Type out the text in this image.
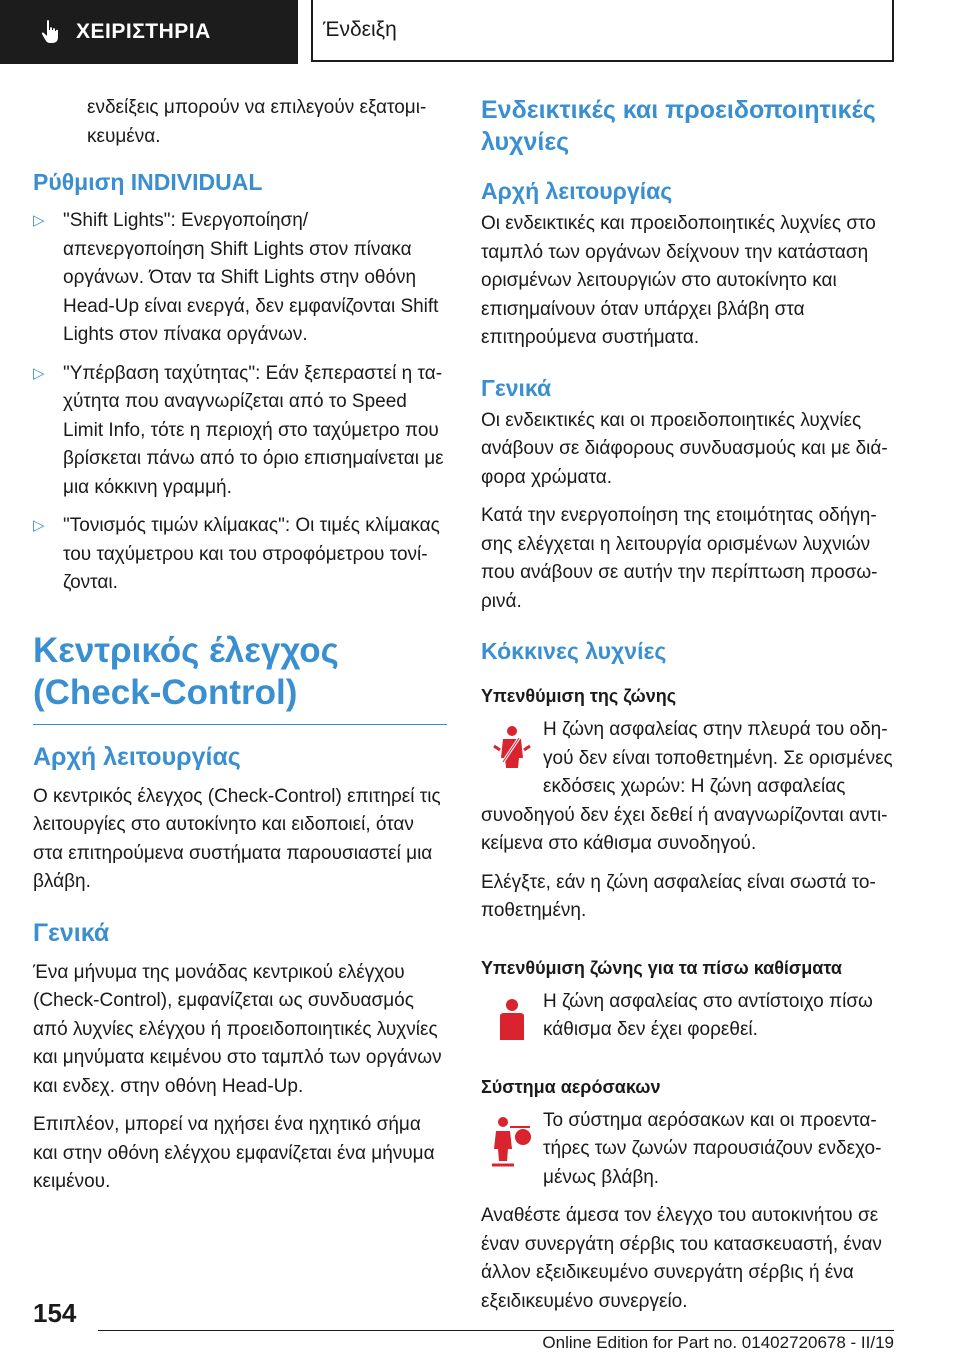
ΧΕΙΡΙΣΤΗΡΙΑ	Ένδειξη

ενδείξεις μπορούν να επιλεγούν εξατομικευμένα.

Ρύθμιση INDIVIDUAL
▷ "Shift Lights": Ενεργοποίηση/απενεργοποίηση Shift Lights στον πίνακα οργάνων. Όταν τα Shift Lights στην οθόνη Head-Up είναι ενεργά, δεν εμφανίζονται Shift Lights στον πίνακα οργάνων.
▷ "Υπέρβαση ταχύτητας": Εάν ξεπεραστεί η ταχύτητα που αναγνωρίζεται από το Speed Limit Info, τότε η περιοχή στο ταχύμετρο που βρίσκεται πάνω από το όριο επισημαίνεται με μια κόκκινη γραμμή.
▷ "Τονισμός τιμών κλίμακας": Οι τιμές κλίμακας του ταχύμετρου και του στροφόμετρου τονίζονται.
Κεντρικός έλεγχος (Check-Control)
Αρχή λειτουργίας

Ο κεντρικός έλεγχος (Check-Control) επιτηρεί τις λειτουργίες στο αυτοκίνητο και ειδοποιεί, όταν στα επιτηρούμενα συστήματα παρουσιαστεί μια βλάβη.

Γενικά

Ένα μήνυμα της μονάδας κεντρικού ελέγχου (Check-Control), εμφανίζεται ως συνδυασμός από λυχνίες ελέγχου ή προειδοποιητικές λυχνίες και μηνύματα κειμένου στο ταμπλό των οργάνων και ενδεχ. στην οθόνη Head-Up.

Επιπλέον, μπορεί να ηχήσει ένα ηχητικό σήμα και στην οθόνη ελέγχου εμφανίζεται ένα μήνυμα κειμένου.

Ενδεικτικές και προειδοποιητικές λυχνίες
Αρχή λειτουργίας

Οι ενδεικτικές και προειδοποιητικές λυχνίες στο ταμπλό των οργάνων δείχνουν την κατάσταση ορισμένων λειτουργιών στο αυτοκίνητο και επισημαίνουν όταν υπάρχει βλάβη στα επιτηρούμενα συστήματα.

Γενικά

Οι ενδεικτικές και οι προειδοποιητικές λυχνίες ανάβουν σε διάφορους συνδυασμούς και με διάφορα χρώματα.

Κατά την ενεργοποίηση της ετοιμότητας οδήγησης ελέγχεται η λειτουργία ορισμένων λυχνιών που ανάβουν σε αυτήν την περίπτωση προσωρινά.

Κόκκινες λυχνίες
Υπενθύμιση της ζώνης

Η ζώνη ασφαλείας στην πλευρά του οδηγού δεν είναι τοποθετημένη. Σε ορισμένες εκδόσεις χωρών: Η ζώνη ασφαλείας

συνοδηγού δεν έχει δεθεί ή αναγνωρίζονται αντικείμενα στο κάθισμα συνοδηγού.

Ελέγξτε, εάν η ζώνη ασφαλείας είναι σωστά τοποθετημένη.

Υπενθύμιση ζώνης για τα πίσω καθίσματα

Η ζώνη ασφαλείας στο αντίστοιχο πίσω κάθισμα δεν έχει φορεθεί.

Σύστημα αερόσακων

Το σύστημα αερόσακων και οι προεντατήρες των ζωνών παρουσιάζουν ενδεχομένως βλάβη.

Αναθέστε άμεσα τον έλεγχο του αυτοκινήτου σε έναν συνεργάτη σέρβις του κατασκευαστή, έναν άλλον εξειδικευμένο συνεργάτη σέρβις ή ένα εξειδικευμένο συνεργείο.

154
Online Edition for Part no. 01402720678 - II/19
